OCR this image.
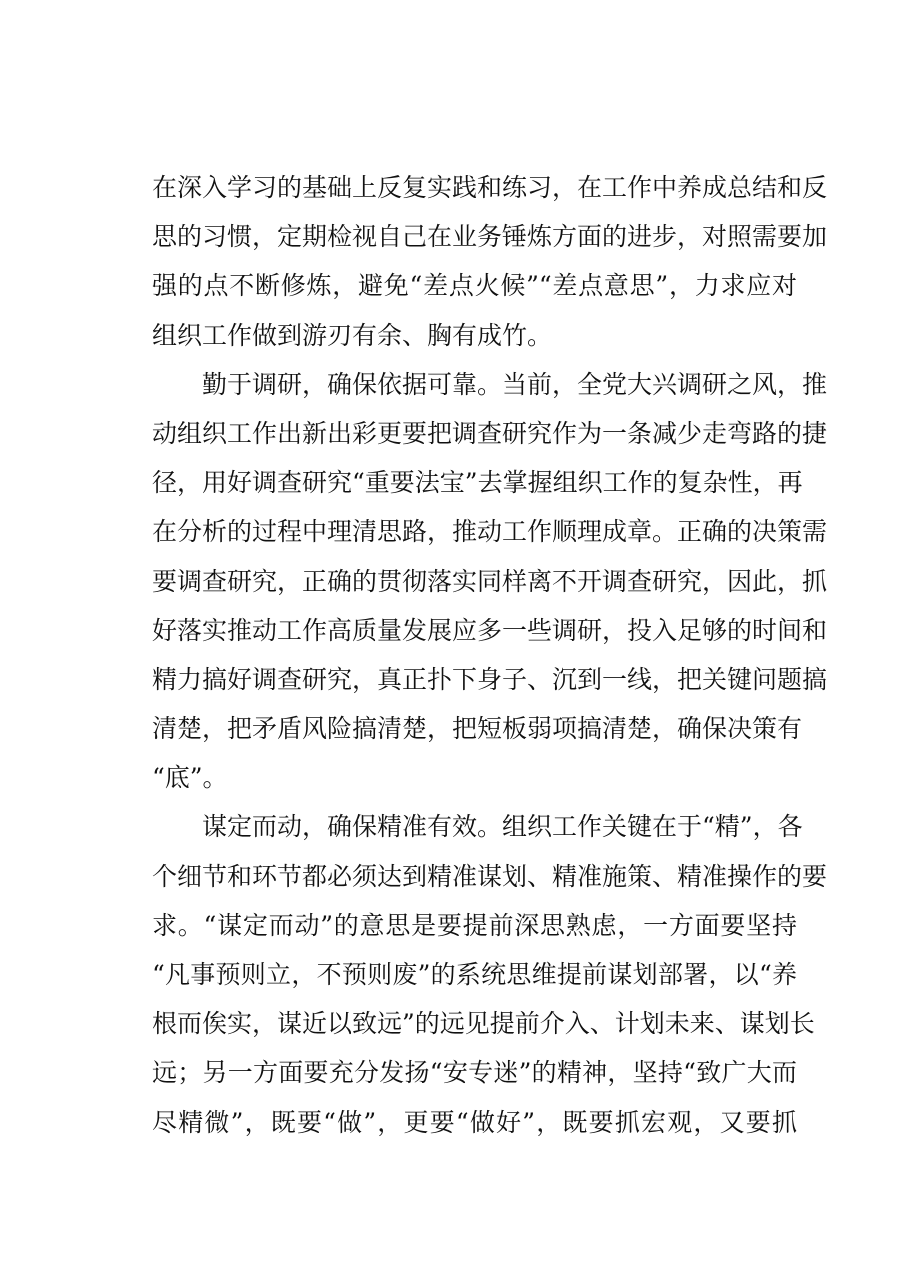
在深入学习的基础上反复实践和练习，在工作中养成总结和反

思的习惯，定期检视自己在业务锤炼方面的进步，对照需要加

强的点不断修炼，避免“差点火候”“差点意思”，力求应对

组织工作做到游刃有余、胸有成竹。

勤于调研，确保依据可靠。当前，全党大兴调研之风，推

动组织工作出新出彩更要把调查研究作为一条减少走弯路的捷

径，用好调查研究“重要法宝”去掌握组织工作的复杂性，再

在分析的过程中理清思路，推动工作顺理成章。正确的决策需

要调查研究，正确的贯彻落实同样离不开调查研究，因此，抓

好落实推动工作高质量发展应多一些调研，投入足够的时间和

精力搞好调查研究，真正扑下身子、沉到一线，把关键问题搞

清楚，把矛盾风险搞清楚，把短板弱项搞清楚，确保决策有

“底”。

谋定而动，确保精准有效。组织工作关键在于“精”，各

个细节和环节都必须达到精准谋划、精准施策、精准操作的要

求。“谋定而动”的意思是要提前深思熟虑，一方面要坚持

“凡事预则立，不预则废”的系统思维提前谋划部署，以“养

根而俟实，谋近以致远”的远见提前介入、计划未来、谋划长

远；另一方面要充分发扬“安专迷”的精神，坚持“致广大而

尽精微”，既要“做”，更要“做好”，既要抓宏观，又要抓
